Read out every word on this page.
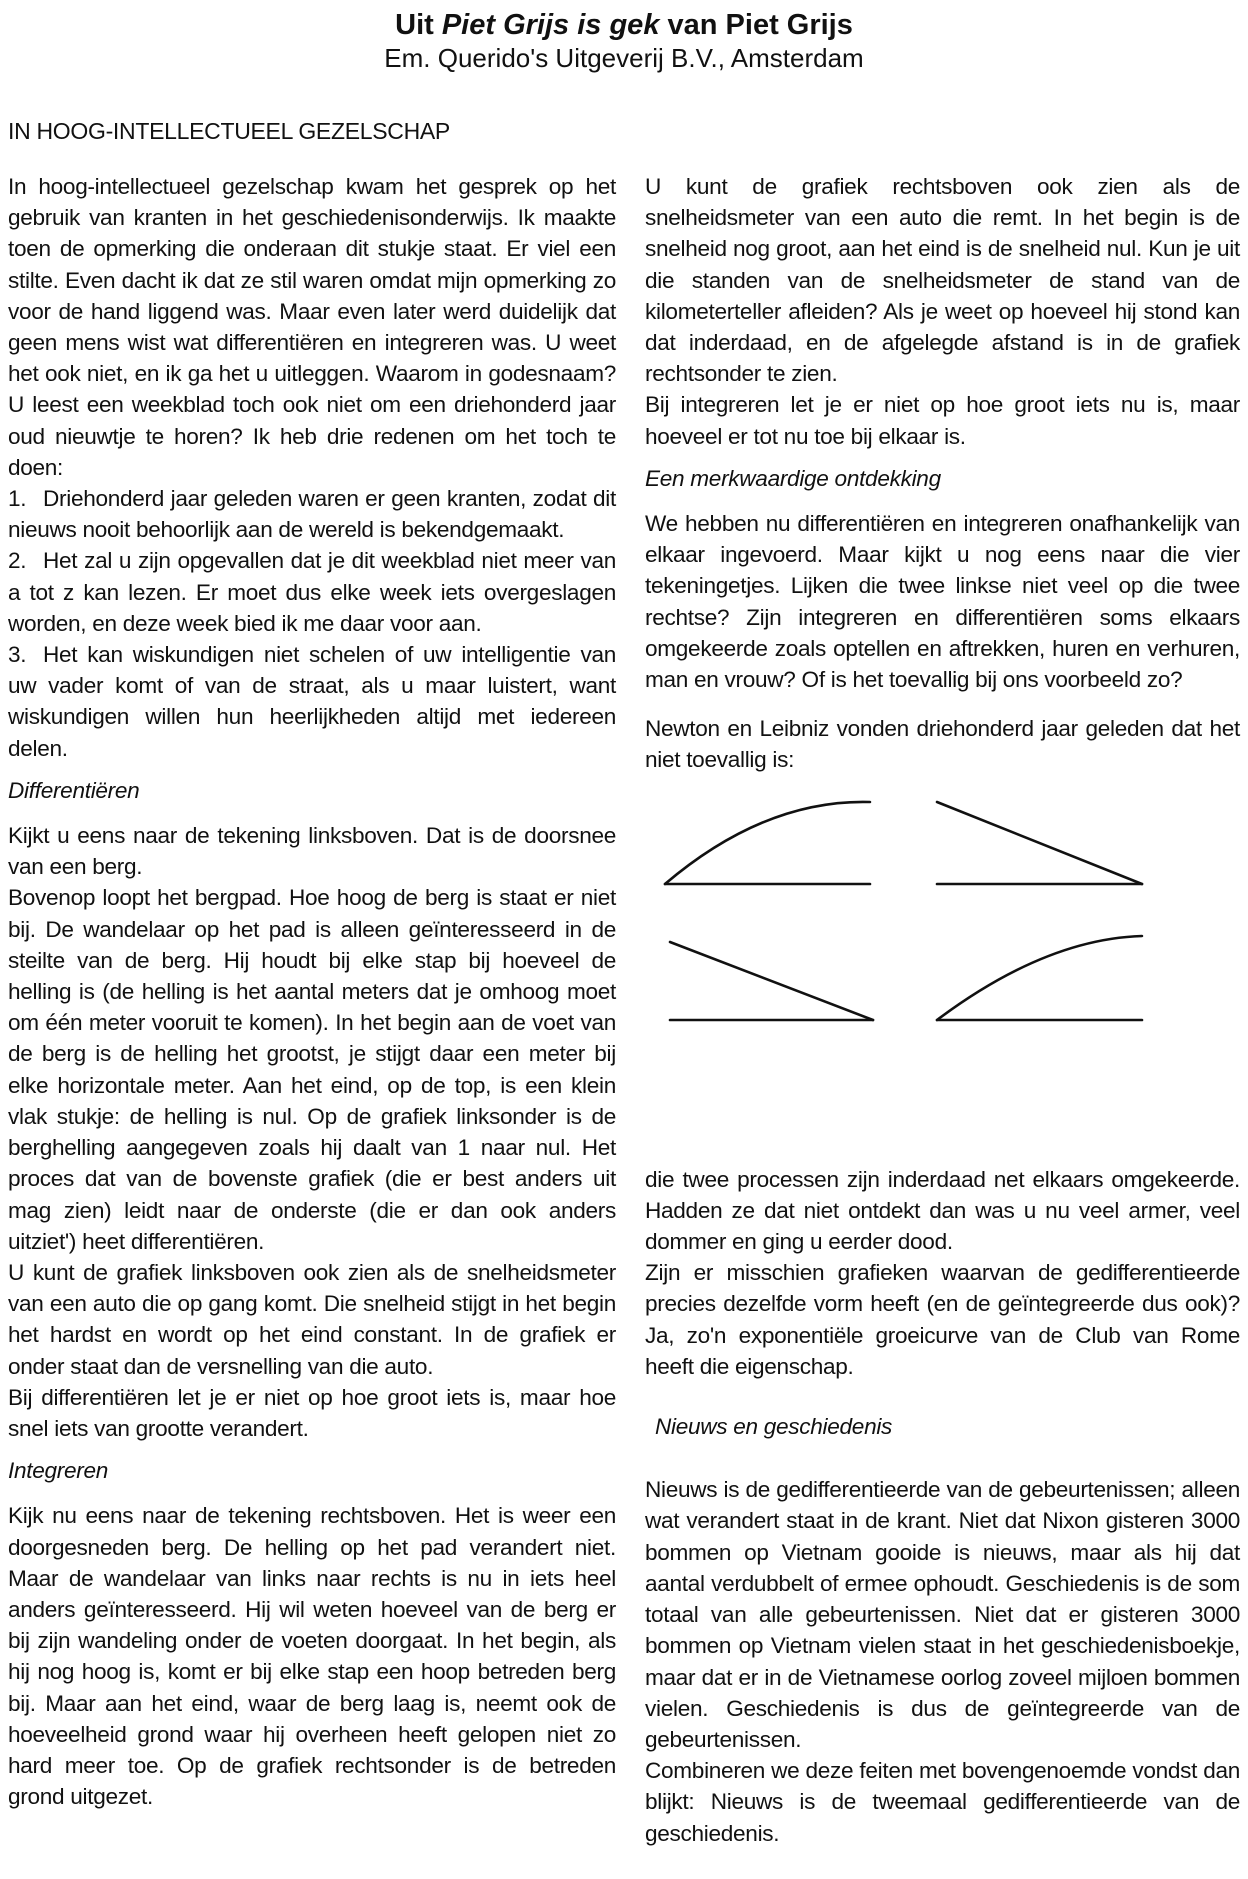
Uit Piet Grijs is gek van Piet Grijs
Em. Querido's Uitgeverij B.V., Amsterdam
IN HOOG-INTELLECTUEEL GEZELSCHAP

In hoog-intellectueel gezelschap kwam het gesprek op het gebruik van kranten in het geschiedenisonderwijs. Ik maakte toen de opmerking die onderaan dit stukje staat. Er viel een stilte. Even dacht ik dat ze stil waren omdat mijn opmerking zo voor de hand liggend was. Maar even later werd duidelijk dat geen mens wist wat differentiëren en integreren was. U weet het ook niet, en ik ga het u uitleggen. Waarom in godesnaam? U leest een weekblad toch ook niet om een driehonderd jaar oud nieuwtje te horen? Ik heb drie redenen om het toch te doen:

1. Driehonderd jaar geleden waren er geen kranten, zodat dit nieuws nooit behoorlijk aan de wereld is bekendgemaakt.

2. Het zal u zijn opgevallen dat je dit weekblad niet meer van a tot z kan lezen. Er moet dus elke week iets overgeslagen worden, en deze week bied ik me daar voor aan.

3. Het kan wiskundigen niet schelen of uw intelligentie van uw vader komt of van de straat, als u maar luistert, want wiskundigen willen hun heerlijkheden altijd met iedereen delen.

Differentiëren

Kijkt u eens naar de tekening linksboven. Dat is de doorsnee van een berg.

Bovenop loopt het bergpad. Hoe hoog de berg is staat er niet bij. De wandelaar op het pad is alleen geïnteresseerd in de steilte van de berg. Hij houdt bij elke stap bij hoeveel de helling is (de helling is het aantal meters dat je omhoog moet om één meter vooruit te komen). In het begin aan de voet van de berg is de helling het grootst, je stijgt daar een meter bij elke horizontale meter. Aan het eind, op de top, is een klein vlak stukje: de helling is nul. Op de grafiek linksonder is de berghelling aangegeven zoals hij daalt van 1 naar nul. Het proces dat van de bovenste grafiek (die er best anders uit mag zien) leidt naar de onderste (die er dan ook anders uitziet') heet differentiëren.

U kunt de grafiek linksboven ook zien als de snelheidsmeter van een auto die op gang komt. Die snelheid stijgt in het begin het hardst en wordt op het eind constant. In de grafiek er onder staat dan de versnelling van die auto.

Bij differentiëren let je er niet op hoe groot iets is, maar hoe snel iets van grootte verandert.

Integreren

Kijk nu eens naar de tekening rechtsboven. Het is weer een doorgesneden berg. De helling op het pad verandert niet. Maar de wandelaar van links naar rechts is nu in iets heel anders geïnteresseerd. Hij wil weten hoeveel van de berg er bij zijn wandeling onder de voeten doorgaat. In het begin, als hij nog hoog is, komt er bij elke stap een hoop betreden berg bij. Maar aan het eind, waar de berg laag is, neemt ook de hoeveelheid grond waar hij overheen heeft gelopen niet zo hard meer toe. Op de grafiek rechtsonder is de betreden grond uitgezet.

U kunt de grafiek rechtsboven ook zien als de snelheidsmeter van een auto die remt. In het begin is de snelheid nog groot, aan het eind is de snelheid nul. Kun je uit die standen van de snelheidsmeter de stand van de kilometerteller afleiden? Als je weet op hoeveel hij stond kan dat inderdaad, en de afgelegde afstand is in de grafiek rechtsonder te zien.

Bij integreren let je er niet op hoe groot iets nu is, maar hoeveel er tot nu toe bij elkaar is.

Een merkwaardige ontdekking

We hebben nu differentiëren en integreren onafhankelijk van elkaar ingevoerd. Maar kijkt u nog eens naar die vier tekeningetjes. Lijken die twee linkse niet veel op die twee rechtse? Zijn integreren en differentiëren soms elkaars omgekeerde zoals optellen en aftrekken, huren en verhuren, man en vrouw? Of is het toevallig bij ons voorbeeld zo?

Newton en Leibniz vonden driehonderd jaar geleden dat het niet toevallig is:

die twee processen zijn inderdaad net elkaars omgekeerde. Hadden ze dat niet ontdekt dan was u nu veel armer, veel dommer en ging u eerder dood.

Zijn er misschien grafieken waarvan de gedifferentieerde precies dezelfde vorm heeft (en de geïntegreerde dus ook)? Ja, zo'n exponentiële groeicurve van de Club van Rome heeft die eigenschap.

Nieuws en geschiedenis

Nieuws is de gedifferentieerde van de gebeurtenissen; alleen wat verandert staat in de krant. Niet dat Nixon gisteren 3000 bommen op Vietnam gooide is nieuws, maar als hij dat aantal verdubbelt of ermee ophoudt. Geschiedenis is de som totaal van alle gebeurtenissen. Niet dat er gisteren 3000 bommen op Vietnam vielen staat in het geschiedenisboekje, maar dat er in de Vietnamese oorlog zoveel mijloen bommen vielen. Geschiedenis is dus de geïntegreerde van de gebeurtenissen.

Combineren we deze feiten met bovengenoemde vondst dan blijkt: Nieuws is de tweemaal gedifferentieerde van de geschiedenis.
